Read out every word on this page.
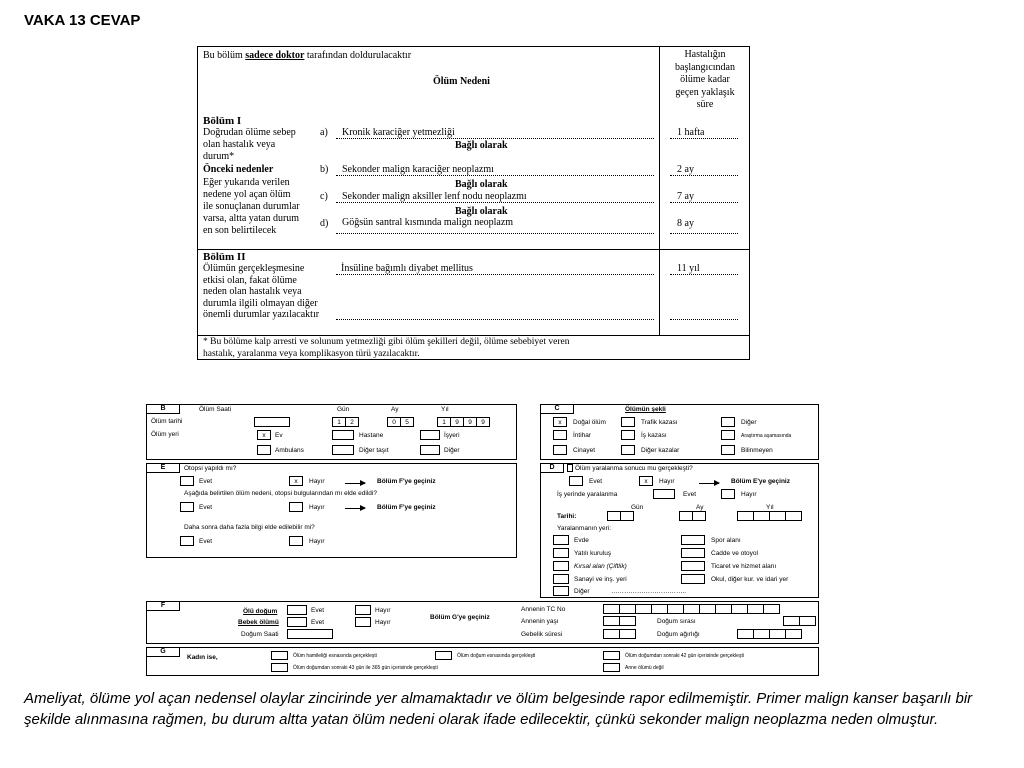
VAKA 13 CEVAP
Bu bölüm sadece doktor tarafından doldurulacaktır
Ölüm Nedeni
Hastalığın
başlangıcından
ölüme kadar
geçen yaklaşık
süre
Bölüm I
Doğrudan ölüme sebep
olan hastalık veya
durum*
Önceki nedenler
Eğer yukarıda verilen
nedene yol açan ölüm
ile sonuçlanan durumlar
varsa, altta yatan durum
en son belirtilecek
a) Kronik karaciğer yetmezliği	1 hafta
Bağlı olarak
b) Sekonder malign karaciğer neoplazmı	2 ay
Bağlı olarak
c) Sekonder malign aksiller lenf nodu neoplazmı	7 ay
Bağlı olarak
d) Göğsün santral kısmında malign neoplazm	8 ay
Bölüm II
Ölümün gerçekleşmesine
etkisi olan, fakat ölüme
neden olan hastalık veya
durumla ilgili olmayan diğer
önemli durumlar yazılacaktır
İnsüline bağımlı diyabet mellitus	11 yıl
* Bu bölüme kalp arresti ve solunum yetmezliği gibi ölüm şekilleri değil, ölüme sebebiyet veren
hastalık, yaralanma veya komplikasyon türü yazılacaktır.
B	Ölüm Saati	Gün	Ay	Yıl
Ölüm tarihi
Ölüm yeri
1	2	0	5	1	9	9	9
x	Ev	Hastane	İşyeri
Ambulans	Diğer taşıt	Diğer
C	Ölümün şekli
x	Doğal ölüm	Trafik kazası	Diğer
İntihar	İş kazası	Araştırma aşamasında
Cinayet	Diğer kazalar	Bilinmeyen
E	Otopsi yapıldı mı?
Evet	x	Hayır	Bölüm F'ye geçiniz
Aşağıda belirtilen ölüm nedeni, otopsi bulgularından mı elde edildi?
Evet	Hayır	Bölüm F'ye geçiniz
Daha sonra daha fazla bilgi elde edilebilir mi?
Evet	Hayır
D	Ölüm yaralanma sonucu mu gerçekleşti?
Evet	x	Hayır	Bölüm E'ye geçiniz
İş yerinde yaralanma	Evet	Hayır
Gün	Ay	Yıl
Tarihi:
Yaralanmanın yeri:
Evde
Yatılı kuruluş
Kırsal alan (Çiftlik)
Sanayi ve inş. yeri
Diğer	……………………………..
Spor alanı
Cadde ve otoyol
Ticaret ve hizmet alanı
Okul, diğer kur. ve idari yer
F
Ölü doğum	Evet	Hayır
Bebek ölümü	Evet	Hayır
Bölüm G'ye geçiniz
Doğum Saati
Annenin TC No
Annenin yaşı	Doğum sırası
Gebelik süresi	Doğum ağırlığı
G
Kadın ise,	Ölüm hamileliği esnasında gerçekleşti	Ölüm doğum esnasında gerçekleşti	Ölüm doğumdan sonraki 42 gün içerisinde gerçekleşti
Ölüm doğumdan sonraki 43 gün ile 365 gün içerisinde gerçekleşti	Anne ölümü değil
Ameliyat, ölüme yol açan nedensel olaylar zincirinde yer almamaktadır ve ölüm belgesinde rapor edilmemiştir. Primer malign kanser başarılı bir şekilde alınmasına rağmen, bu durum altta yatan ölüm nedeni olarak ifade edilecektir, çünkü sekonder malign neoplazma neden olmuştur.
